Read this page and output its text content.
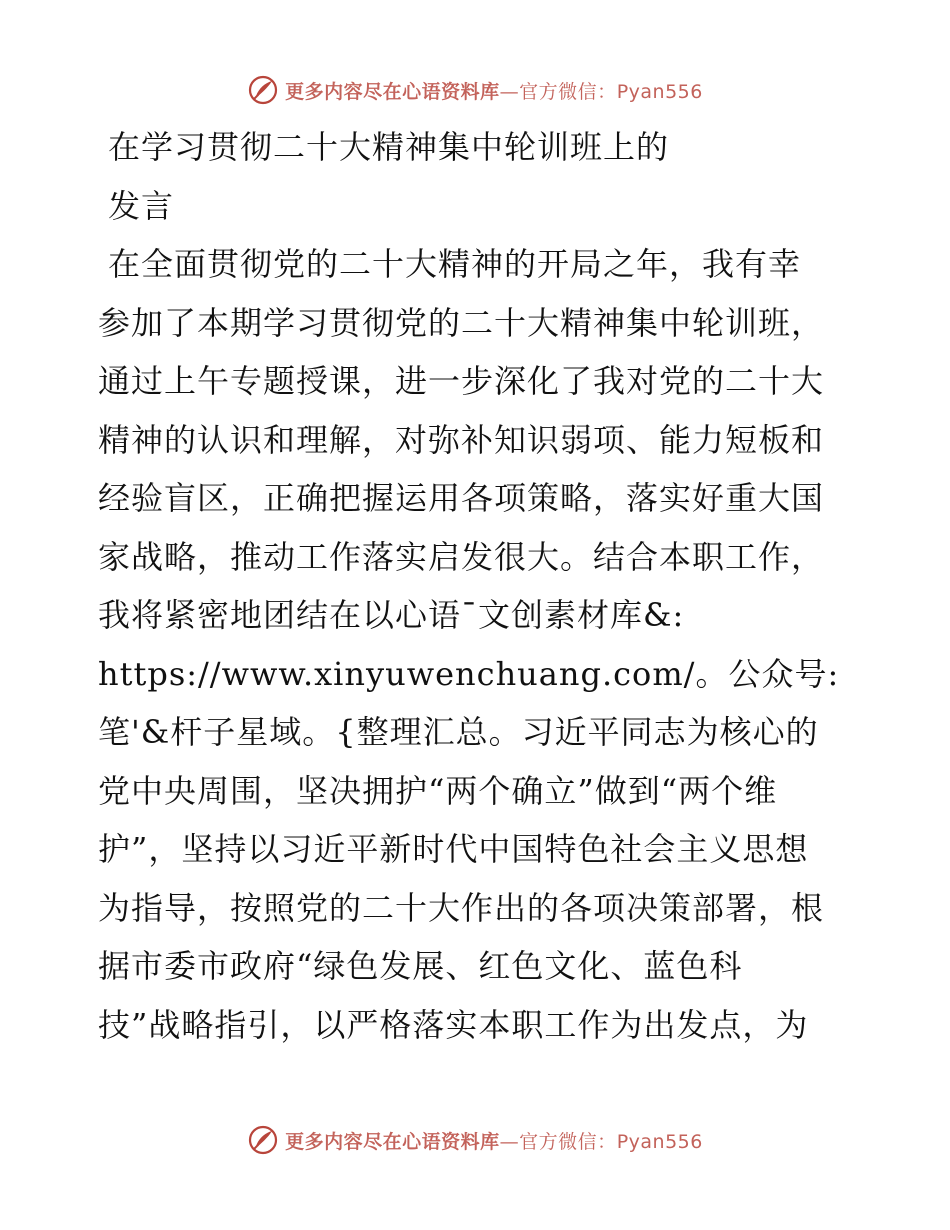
更多内容尽在心语资料库—官方微信：Pyan556
在学习贯彻二十大精神集中轮训班上的
发言
在全面贯彻党的二十大精神的开局之年，我有幸
参加了本期学习贯彻党的二十大精神集中轮训班，
通过上午专题授课，进一步深化了我对党的二十大
精神的认识和理解，对弥补知识弱项、能力短板和
经验盲区，正确把握运用各项策略，落实好重大国
家战略，推动工作落实启发很大。结合本职工作，
我将紧密地团结在以心语¯文创素材库&:
https://www.xinyuwenchuang.com/。公众号:
笔'&杆子星域。{整理汇总。习近平同志为核心的
党中央周围，坚决拥护“两个确立”做到“两个维
护”，坚持以习近平新时代中国特色社会主义思想
为指导，按照党的二十大作出的各项决策部署，根
据市委市政府“绿色发展、红色文化、蓝色科
技”战略指引，以严格落实本职工作为出发点，为
更多内容尽在心语资料库—官方微信：Pyan556
